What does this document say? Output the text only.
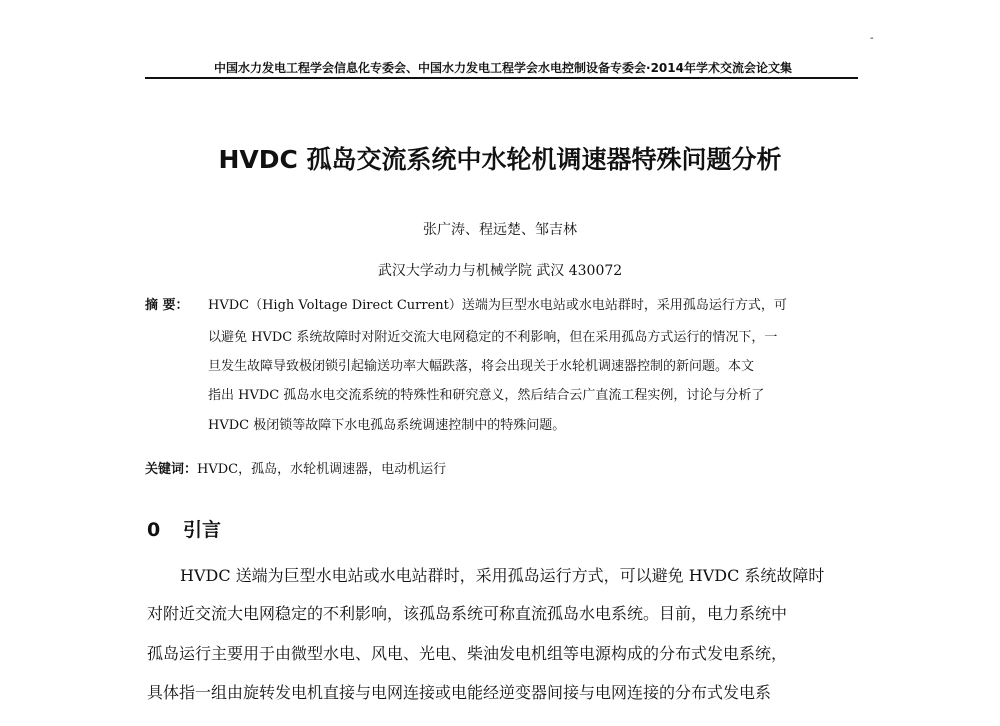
-
中国水力发电工程学会信息化专委会、中国水力发电工程学会水电控制设备专委会·2014年学术交流会论文集
HVDC 孤岛交流系统中水轮机调速器特殊问题分析
张广涛、程远楚、邹吉林
武汉大学动力与机械学院 武汉 430072
摘 要： HVDC（High Voltage Direct Current）送端为巨型水电站或水电站群时，采用孤岛运行方式，可
以避免 HVDC 系统故障时对附近交流大电网稳定的不利影响，但在采用孤岛方式运行的情况下，一
旦发生故障导致极闭锁引起输送功率大幅跌落，将会出现关于水轮机调速器控制的新问题。本文
指出 HVDC 孤岛水电交流系统的特殊性和研究意义，然后结合云广直流工程实例，讨论与分析了
HVDC 极闭锁等故障下水电孤岛系统调速控制中的特殊问题。
关键词：HVDC，孤岛，水轮机调速器，电动机运行
0 引言
HVDC 送端为巨型水电站或水电站群时，采用孤岛运行方式，可以避免 HVDC 系统故障时
对附近交流大电网稳定的不利影响，该孤岛系统可称直流孤岛水电系统。目前，电力系统中
孤岛运行主要用于由微型水电、风电、光电、柴油发电机组等电源构成的分布式发电系统，
具体指一组由旋转发电机直接与电网连接或电能经逆变器间接与电网连接的分布式发电系
